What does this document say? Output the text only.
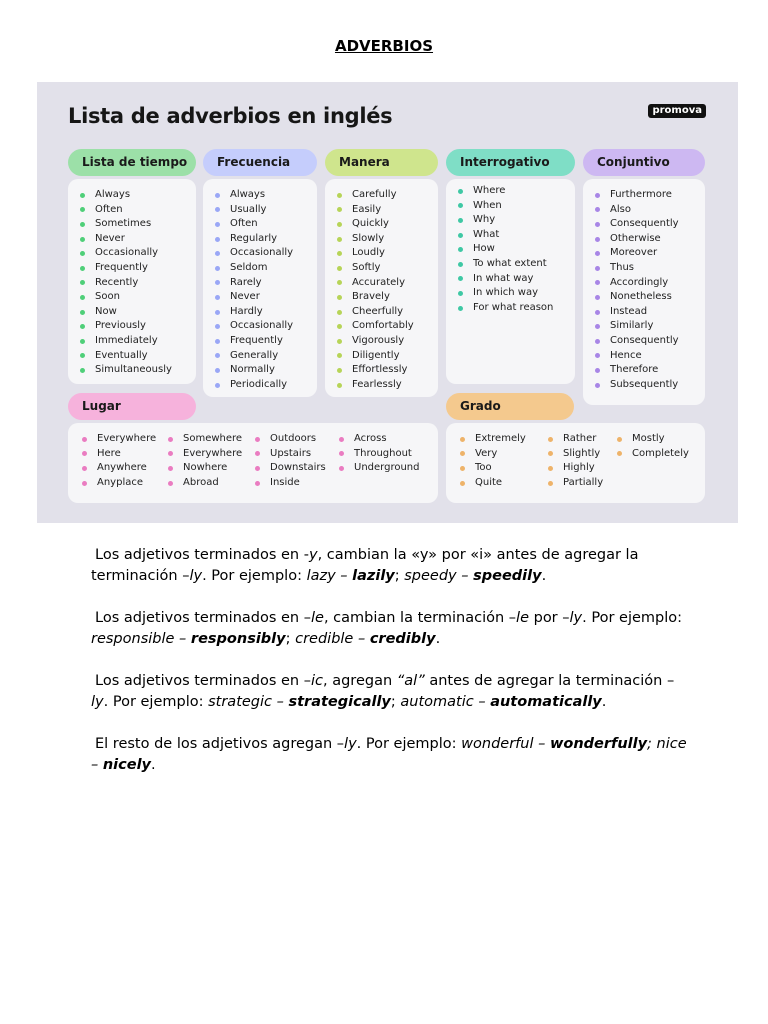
ADVERBIOS
Lista de adverbios en inglés	promova
Lista de tiempo	Frecuencia	Manera	Interrogativo	Conjuntivo
Lugar	Grado
Always
Often
Sometimes
Never
Occasionally
Frequently
Recently
Soon
Now
Previously
Immediately
Eventually
Simultaneously
Always
Usually
Often
Regularly
Occasionally
Seldom
Rarely
Never
Hardly
Occasionally
Frequently
Generally
Normally
Periodically
Carefully
Easily
Quickly
Slowly
Loudly
Softly
Accurately
Bravely
Cheerfully
Comfortably
Vigorously
Diligently
Effortlessly
Fearlessly
Where
When
Why
What
How
To what extent
In what way
In which way
For what reason
Furthermore
Also
Consequently
Otherwise
Moreover
Thus
Accordingly
Nonetheless
Instead
Similarly
Consequently
Hence
Therefore
Subsequently
Everywhere
Here
Anywhere
Anyplace
Somewhere
Everywhere
Nowhere
Abroad
Outdoors
Upstairs
Downstairs
Inside
Across
Throughout
Underground
Extremely
Very
Too
Quite
Rather
Slightly
Highly
Partially
Mostly
Completely

Los adjetivos terminados en -y, cambian la «y» por «i» antes de agregar la terminación –ly. Por ejemplo: lazy – lazily; speedy – speedily.

Los adjetivos terminados en –le, cambian la terminación –le por –ly. Por ejemplo: responsible – responsibly; credible – credibly.

Los adjetivos terminados en –ic, agregan “al” antes de agregar la terminación –ly. Por ejemplo: strategic – strategically; automatic – automatically.

El resto de los adjetivos agregan –ly. Por ejemplo: wonderful – wonderfully; nice – nicely.
